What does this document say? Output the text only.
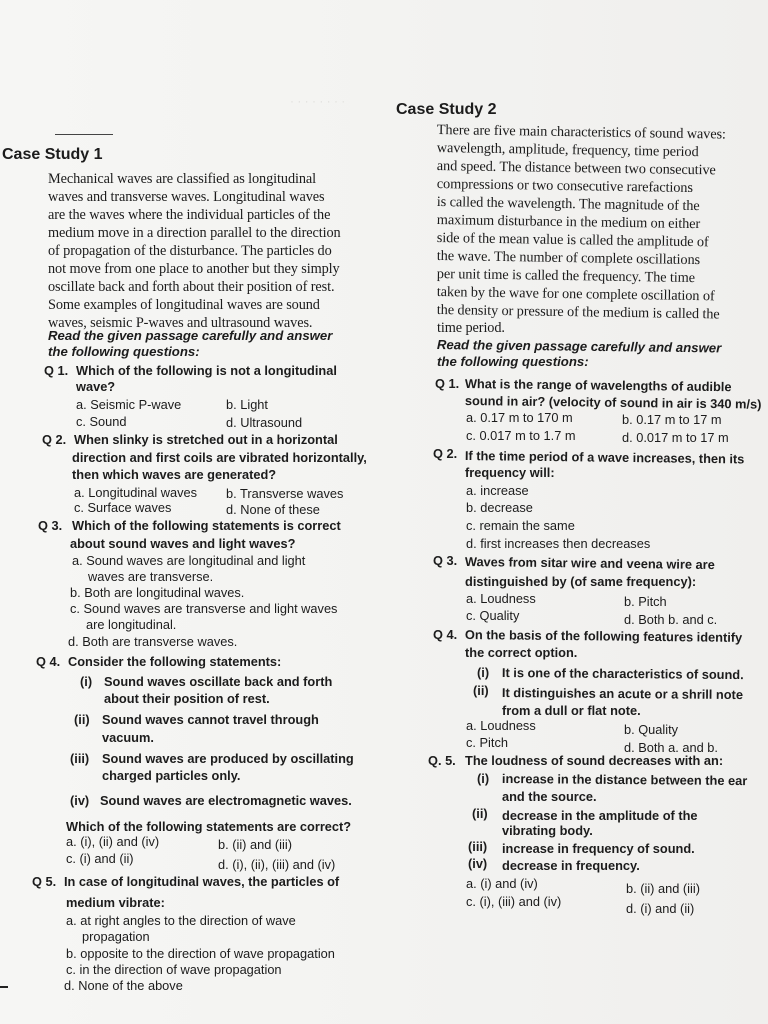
· · · · · · · ·
Case Study 1
Mechanical waves are classified as longitudinal
waves and transverse waves. Longitudinal waves
are the waves where the individual particles of the
medium move in a direction parallel to the direction
of propagation of the disturbance. The particles do
not move from one place to another but they simply
oscillate back and forth about their position of rest.
Some examples of longitudinal waves are sound
waves, seismic P-waves and ultrasound waves.
Read the given passage carefully and answer
the following questions:
Q 1. Which of the following is not a longitudinal
wave?
a. Seismic P-wave	b. Light
c. Sound	d. Ultrasound
Q 2. When slinky is stretched out in a horizontal
direction and first coils are vibrated horizontally,
then which waves are generated?
a. Longitudinal waves b. Transverse waves
c. Surface waves	d. None of these
Q 3. Which of the following statements is correct
about sound waves and light waves?
a. Sound waves are longitudinal and light
waves are transverse.
b. Both are longitudinal waves.
c. Sound waves are transverse and light waves
are longitudinal.
d. Both are transverse waves.
Q 4. Consider the following statements:
(i) Sound waves oscillate back and forth
about their position of rest.
(ii) Sound waves cannot travel through
vacuum.
(iii) Sound waves are produced by oscillating
charged particles only.
(iv) Sound waves are electromagnetic waves.
Which of the following statements are correct?
a. (i), (ii) and (iv)	b. (ii) and (iii)
c. (i) and (ii)	d. (i), (ii), (iii) and (iv)
Q 5. In case of longitudinal waves, the particles of
medium vibrate:
a. at right angles to the direction of wave
propagation
b. opposite to the direction of wave propagation
c. in the direction of wave propagation
d. None of the above
Case Study 2
There are five main characteristics of sound waves:
wavelength, amplitude, frequency, time period
and speed. The distance between two consecutive
compressions or two consecutive rarefactions
is called the wavelength. The magnitude of the
maximum disturbance in the medium on either
side of the mean value is called the amplitude of
the wave. The number of complete oscillations
per unit time is called the frequency. The time
taken by the wave for one complete oscillation of
the density or pressure of the medium is called the
time period.
Read the given passage carefully and answer
the following questions:
Q 1. What is the range of wavelengths of audible
sound in air? (velocity of sound in air is 340 m/s)
a. 0.17 m to 170 m	b. 0.17 m to 17 m
c. 0.017 m to 1.7 m	d. 0.017 m to 17 m
Q 2. If the time period of a wave increases, then its
frequency will:
a. increase
b. decrease
c. remain the same
d. first increases then decreases
Q 3. Waves from sitar wire and veena wire are
distinguished by (of same frequency):
a. Loudness	b. Pitch
c. Quality	d. Both b. and c.
Q 4. On the basis of the following features identify
the correct option.
(i) It is one of the characteristics of sound.
(ii) It distinguishes an acute or a shrill note
from a dull or flat note.
a. Loudness	b. Quality
c. Pitch	d. Both a. and b.
Q. 5. The loudness of sound decreases with an:
(i) increase in the distance between the ear
and the source.
(ii) decrease in the amplitude of the
vibrating body.
(iii) increase in frequency of sound.
(iv) decrease in frequency.
a. (i) and (iv)	b. (ii) and (iii)
c. (i), (iii) and (iv)	d. (i) and (ii)
